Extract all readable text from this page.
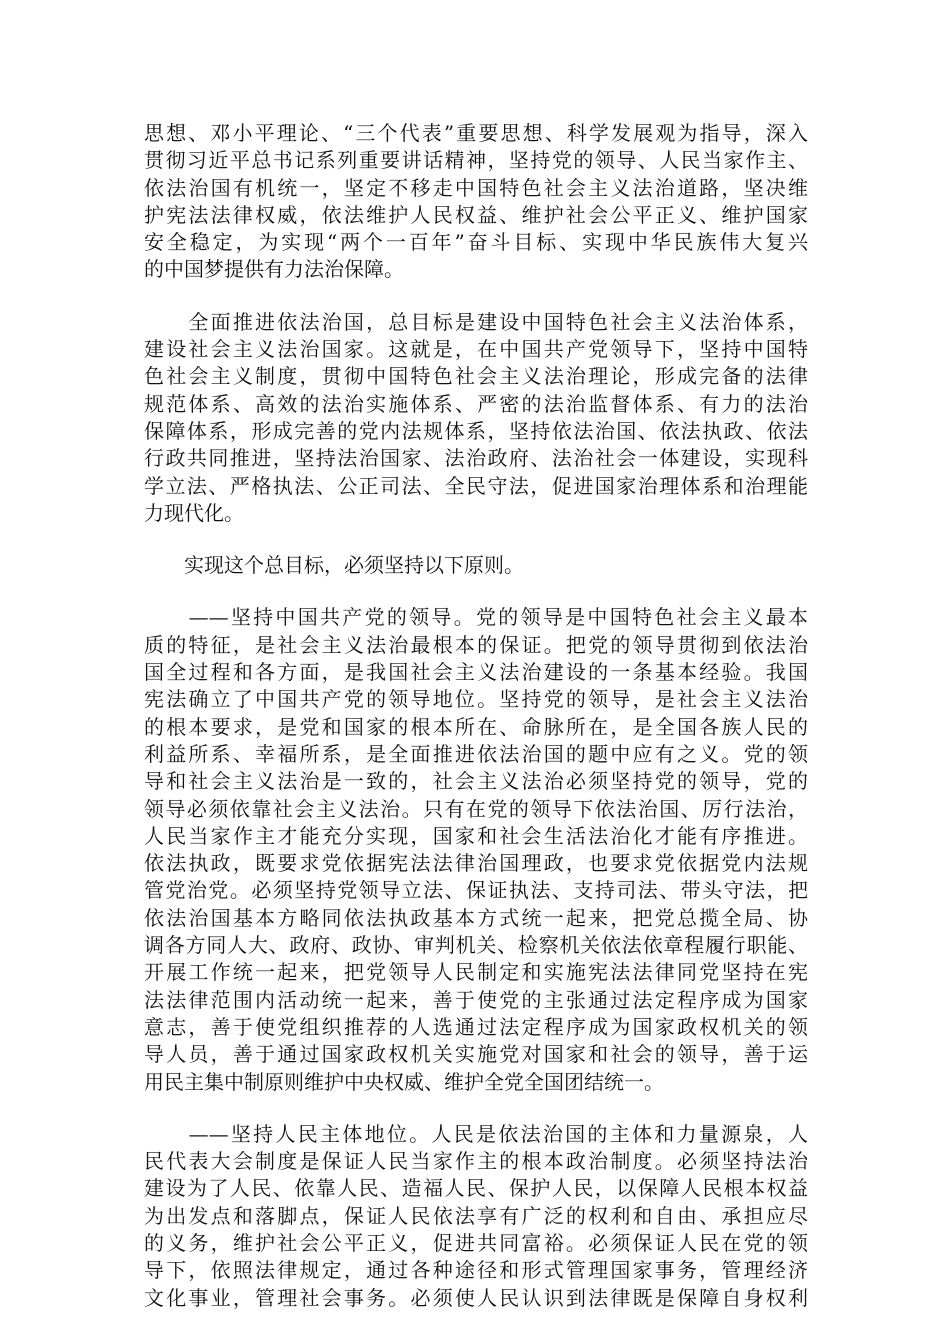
思想、邓小平理论、“三个代表”重要思想、科学发展观为指导，深入
贯彻习近平总书记系列重要讲话精神，坚持党的领导、人民当家作主、
依法治国有机统一，坚定不移走中国特色社会主义法治道路，坚决维
护宪法法律权威，依法维护人民权益、维护社会公平正义、维护国家
安全稳定，为实现“两个一百年”奋斗目标、实现中华民族伟大复兴
的中国梦提供有力法治保障。
　　全面推进依法治国，总目标是建设中国特色社会主义法治体系，
建设社会主义法治国家。这就是，在中国共产党领导下，坚持中国特
色社会主义制度，贯彻中国特色社会主义法治理论，形成完备的法律
规范体系、高效的法治实施体系、严密的法治监督体系、有力的法治
保障体系，形成完善的党内法规体系，坚持依法治国、依法执政、依法
行政共同推进，坚持法治国家、法治政府、法治社会一体建设，实现科
学立法、严格执法、公正司法、全民守法，促进国家治理体系和治理能
力现代化。
　　实现这个总目标，必须坚持以下原则。
　　——坚持中国共产党的领导。党的领导是中国特色社会主义最本
质的特征，是社会主义法治最根本的保证。把党的领导贯彻到依法治
国全过程和各方面，是我国社会主义法治建设的一条基本经验。我国
宪法确立了中国共产党的领导地位。坚持党的领导，是社会主义法治
的根本要求，是党和国家的根本所在、命脉所在，是全国各族人民的
利益所系、幸福所系，是全面推进依法治国的题中应有之义。党的领
导和社会主义法治是一致的，社会主义法治必须坚持党的领导，党的
领导必须依靠社会主义法治。只有在党的领导下依法治国、厉行法治，
人民当家作主才能充分实现，国家和社会生活法治化才能有序推进。
依法执政，既要求党依据宪法法律治国理政，也要求党依据党内法规
管党治党。必须坚持党领导立法、保证执法、支持司法、带头守法，把
依法治国基本方略同依法执政基本方式统一起来，把党总揽全局、协
调各方同人大、政府、政协、审判机关、检察机关依法依章程履行职能、
开展工作统一起来，把党领导人民制定和实施宪法法律同党坚持在宪
法法律范围内活动统一起来，善于使党的主张通过法定程序成为国家
意志，善于使党组织推荐的人选通过法定程序成为国家政权机关的领
导人员，善于通过国家政权机关实施党对国家和社会的领导，善于运
用民主集中制原则维护中央权威、维护全党全国团结统一。
　　——坚持人民主体地位。人民是依法治国的主体和力量源泉，人
民代表大会制度是保证人民当家作主的根本政治制度。必须坚持法治
建设为了人民、依靠人民、造福人民、保护人民，以保障人民根本权益
为出发点和落脚点，保证人民依法享有广泛的权利和自由、承担应尽
的义务，维护社会公平正义，促进共同富裕。必须保证人民在党的领
导下，依照法律规定，通过各种途径和形式管理国家事务，管理经济
文化事业，管理社会事务。必须使人民认识到法律既是保障自身权利
